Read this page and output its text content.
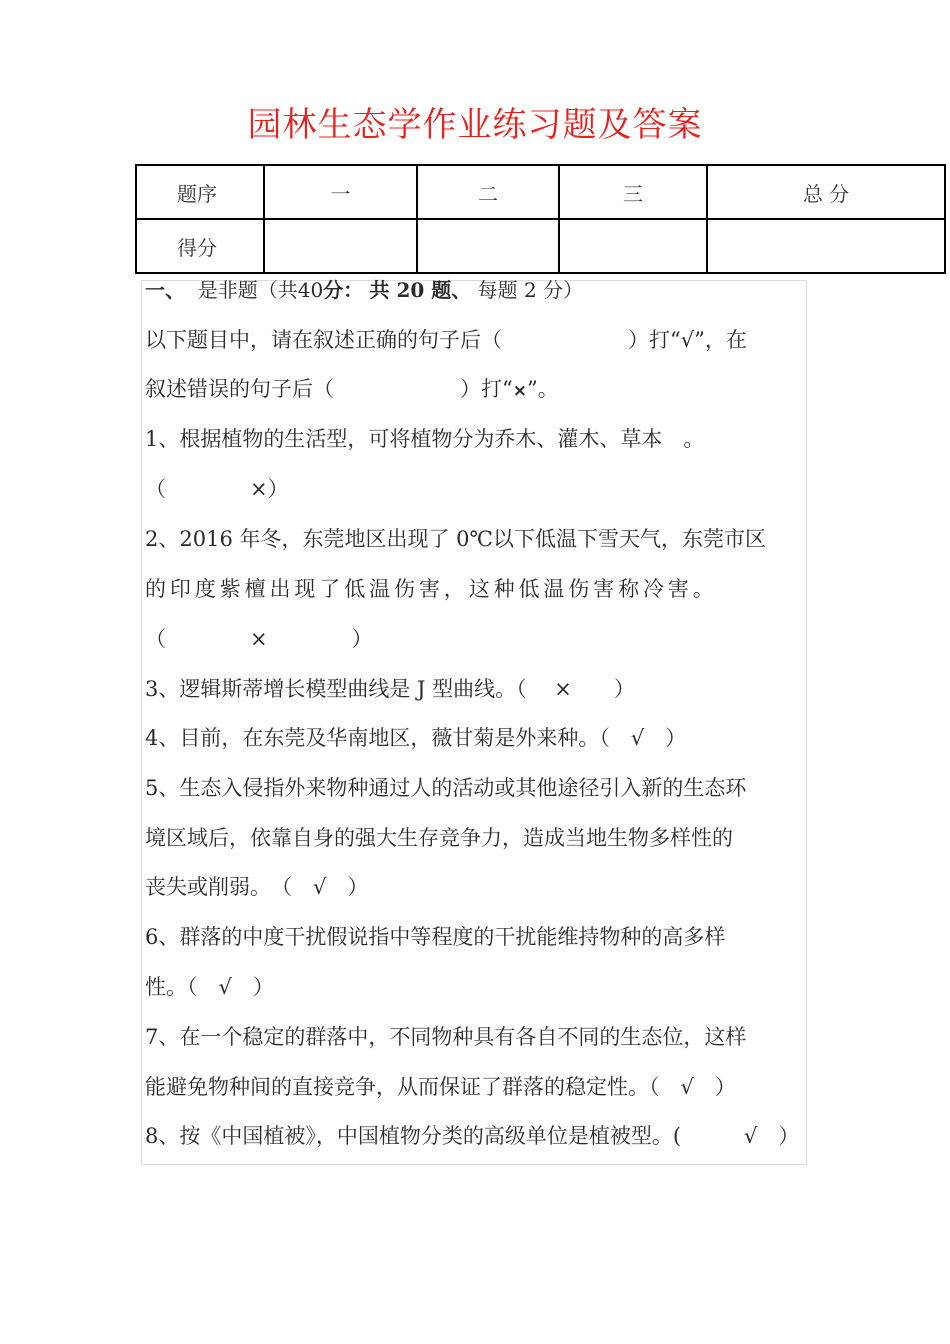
园林生态学作业练习题及答案
题序	一	二	三	总 分
得分				
一、 是非题（共40分： 共 20 题、 每题 2 分）
以下题目中，请在叙述正确的句子后（　　　　　　）打“√”，在
叙述错误的句子后（　　　　　　）打“×”。
1、根据植物的生活型，可将植物分为乔木、灌木、草本　。
（　　　　×）
2、2016 年冬，东莞地区出现了 0℃以下低温下雪天气，东莞市区
的印度紫檀出现了低温伤害，这种低温伤害称冷害。
（　　　　×　　　　）
3、逻辑斯蒂增长模型曲线是 J 型曲线。（　 ×　　）
4、目前，在东莞及华南地区，薇甘菊是外来种。（　√　）
5、生态入侵指外来物种通过人的活动或其他途径引入新的生态环
境区域后，依靠自身的强大生存竞争力，造成当地生物多样性的
丧失或削弱。　（　√　）
6、群落的中度干扰假说指中等程度的干扰能维持物种的高多样
性。（　√　）
7、在一个稳定的群落中，不同物种具有各自不同的生态位，这样
能避免物种间的直接竞争，从而保证了群落的稳定性。（　√　）
8、按《中国植被》，中国植物分类的高级单位是植被型。(　　　√　）
